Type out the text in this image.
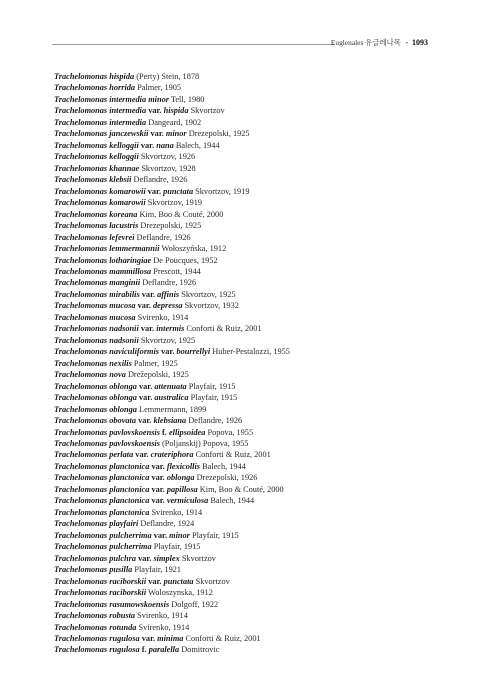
Euglenales 유글레나목 • 1093
Trachelomonas hispida (Perty) Stein, 1878
Trachelomonas horrida Palmer, 1905
Trachelomonas intermedia minor Tell, 1980
Trachelomonas intermedia var. hispida Skvortzov
Trachelomonas intermedia Dangeard, 1902
Trachelomonas janczewskii var. minor Drezepolski, 1925
Trachelomonas kelloggii var. nana Balech, 1944
Trachelomonas kelloggii Skvortzov, 1926
Trachelomonas khannae Skvortzov, 1928
Trachelomonas klebsii Deflandre, 1926
Trachelomonas komarowii var. punctata Skvortzov, 1919
Trachelomonas komarowii Skvortzov, 1919
Trachelomonas koreana Kim, Boo & Couté, 2000
Trachelomonas lacustris Drezepolski, 1925
Trachelomonas lefevrei Deflandre, 1926
Trachelomonas lemmermannii Wołoszyńska, 1912
Trachelomonas lotharingiae De Poucques, 1952
Trachelomonas mammillosa Prescott, 1944
Trachelomonas manginii Deflandre, 1926
Trachelomonas mirabilis var. affinis Skvortzov, 1925
Trachelomonas mucosa var. depressa Skvortzov, 1932
Trachelomonas mucosa Svirenko, 1914
Trachelomonas nadsonii var. intermis Conforti & Ruiz, 2001
Trachelomonas nadsonii Skvortzov, 1925
Trachelomonas naviculiformis var. bourrellyi Huber-Pestalozzi, 1955
Trachelomonas nexilis Palmer, 1925
Trachelomonas nova Drežepolski, 1925
Trachelomonas oblonga var. attenuata Playfair, 1915
Trachelomonas oblonga var. australica Playfair, 1915
Trachelomonas oblonga Lemmermann, 1899
Trachelomonas obovata var. klebsiana Deflandre, 1926
Trachelomonas pavlovskoensis f. ellipsoidea Popova, 1955
Trachelomonas pavlovskoensis (Poljanskij) Popova, 1955
Trachelomonas perlata var. crateriphora Conforti & Ruiz, 2001
Trachelomonas planctonica var. flexicollis Balech, 1944
Trachelomonas planctonica var. oblonga Drezepolski, 1926
Trachelomonas planctonica var. papillosa Kim, Boo & Couté, 2000
Trachelomonas planctonica var. vermiculosa Balech, 1944
Trachelomonas planctonica Svirenko, 1914
Trachelomonas playfairi Deflandre, 1924
Trachelomonas pulcherrima var. minor Playfair, 1915
Trachelomonas pulcherrima Playfair, 1915
Trachelomonas pulchra var. simplex Skvortzov
Trachelomonas pusilla Playfair, 1921
Trachelomonas raciborskii var. punctata Skvortzov
Trachelomonas raciborskii Woloszynska, 1912
Trachelomonas rasumowskoensis Dolgoff, 1922
Trachelomonas robusta Svirenko, 1914
Trachelomonas rotunda Svirenko, 1914
Trachelomonas rugulosa var. minima Conforti & Ruiz, 2001
Trachelomonas rugulosa f. paralella Domitrovic
